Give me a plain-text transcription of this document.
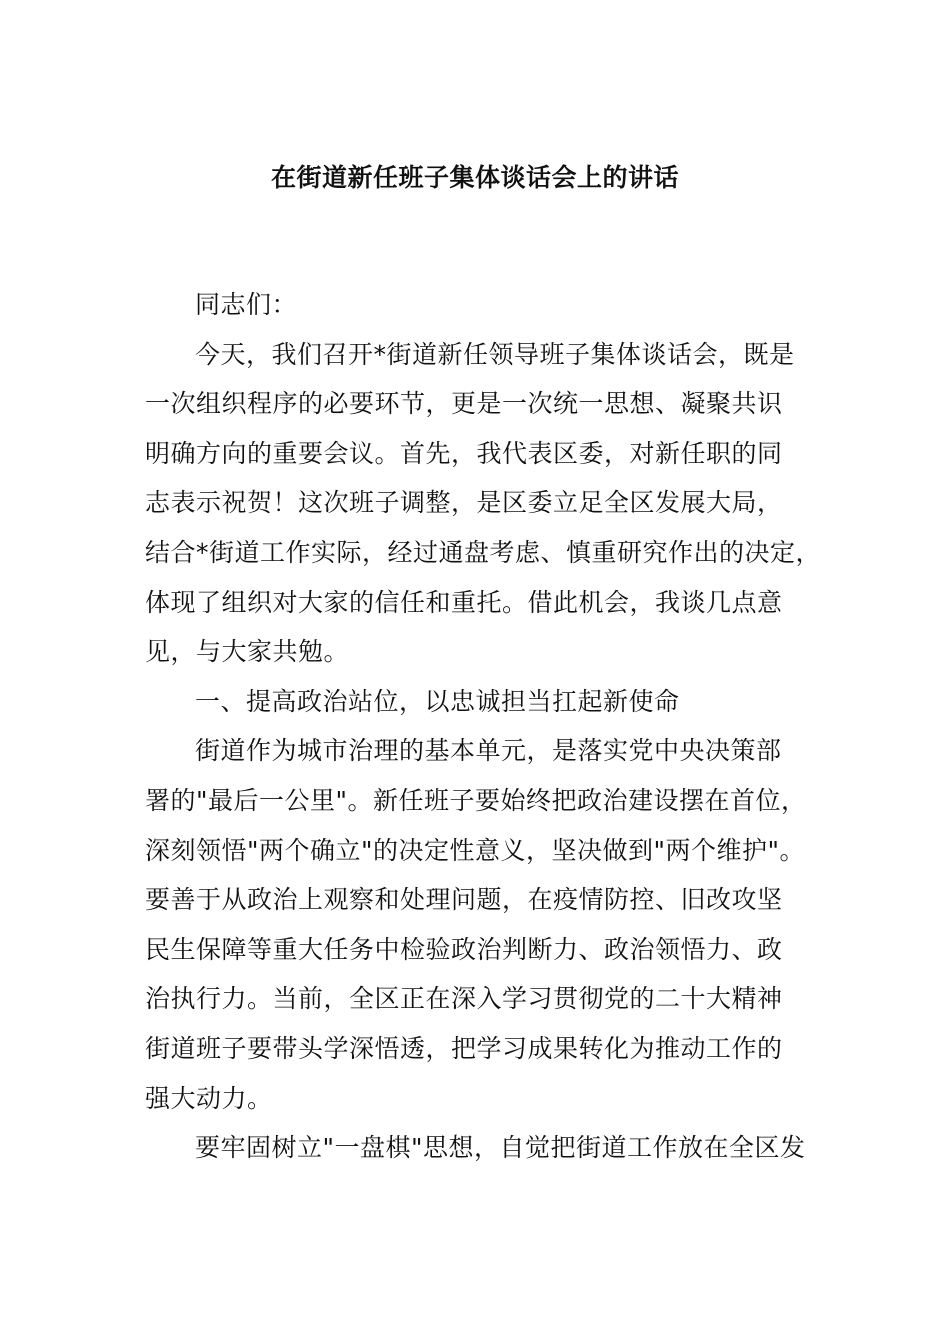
在街道新任班子集体谈话会上的讲话
同志们：
今天，我们召开*街道新任领导班子集体谈话会，既是
一次组织程序的必要环节，更是一次统一思想、凝聚共识
明确方向的重要会议。首先，我代表区委，对新任职的同
志表示祝贺！这次班子调整，是区委立足全区发展大局，
结合*街道工作实际，经过通盘考虑、慎重研究作出的决定，
体现了组织对大家的信任和重托。借此机会，我谈几点意
见，与大家共勉。
一、提高政治站位，以忠诚担当扛起新使命
街道作为城市治理的基本单元，是落实党中央决策部
署的"最后一公里"。新任班子要始终把政治建设摆在首位，
深刻领悟"两个确立"的决定性意义，坚决做到"两个维护"。
要善于从政治上观察和处理问题，在疫情防控、旧改攻坚
民生保障等重大任务中检验政治判断力、政治领悟力、政
治执行力。当前，全区正在深入学习贯彻党的二十大精神
街道班子要带头学深悟透，把学习成果转化为推动工作的
强大动力。
要牢固树立"一盘棋"思想，自觉把街道工作放在全区发
